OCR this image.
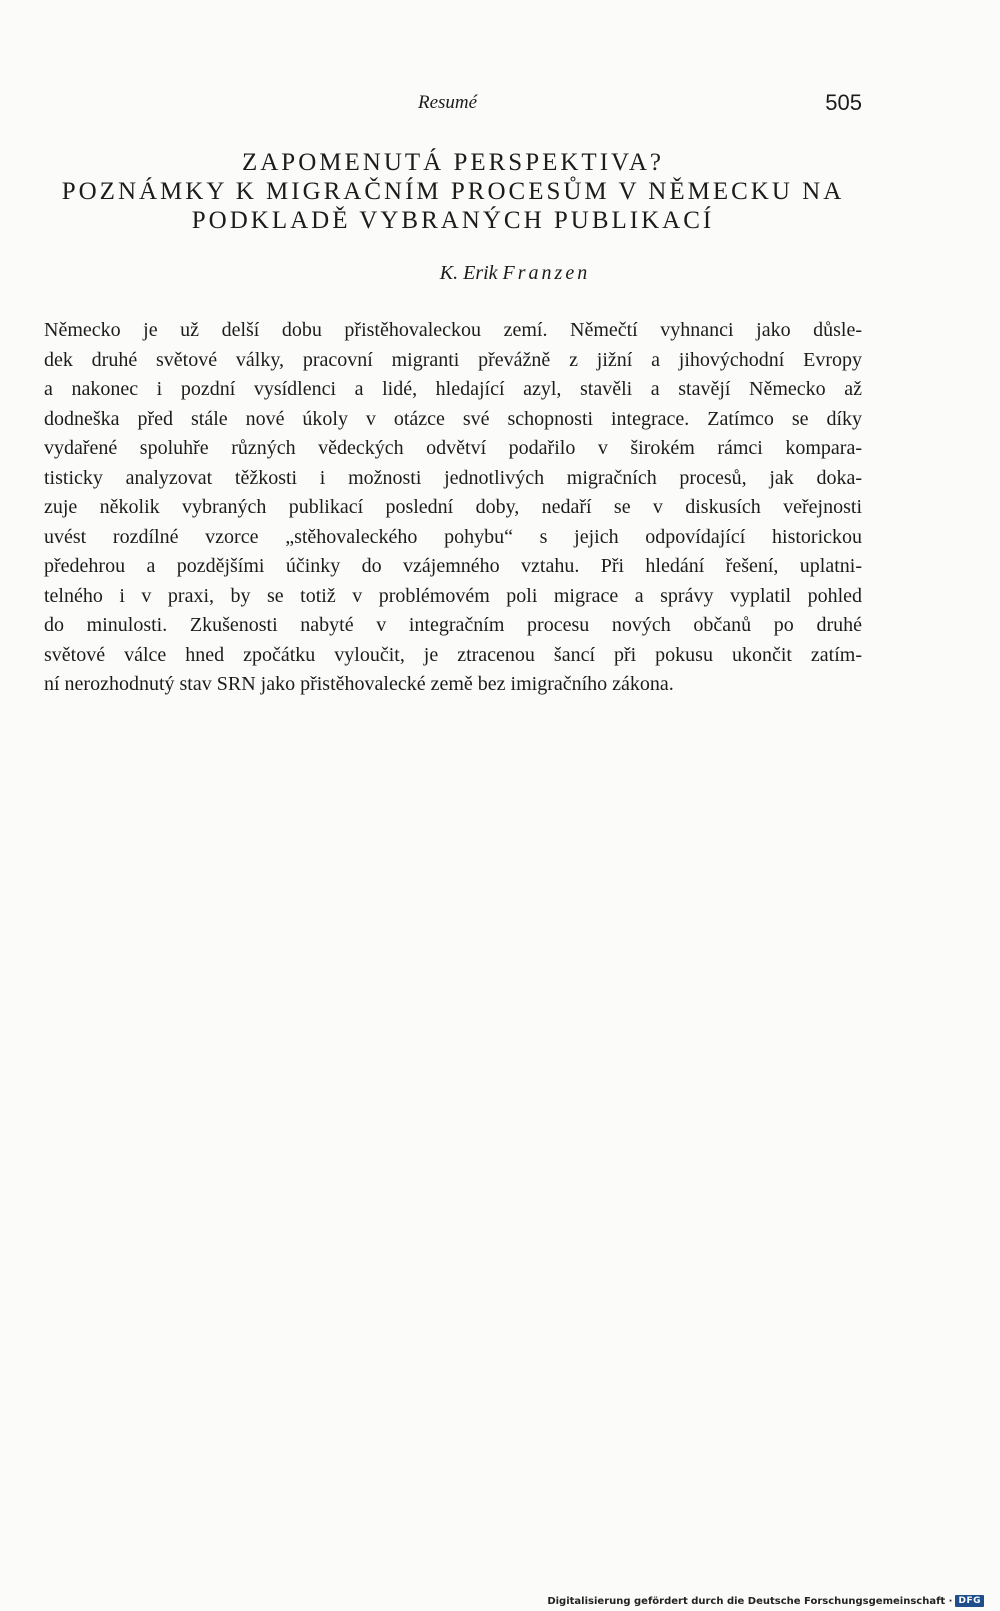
Resumé	505
ZAPOMENUTÁ PERSPEKTIVA?
POZNÁMKY K MIGRAČNÍM PROCESŮM V NĚMECKU NA
PODKLADĚ VYBRANÝCH PUBLIKACÍ
K. Erik Franzen

Německo je už delší dobu přistěhovaleckou zemí. Němečtí vyhnanci jako důsle-
dek druhé světové války, pracovní migranti převážně z jižní a jihovýchodní Evropy
a nakonec i pozdní vysídlenci a lidé, hledající azyl, stavěli a stavějí Německo až
dodneška před stále nové úkoly v otázce své schopnosti integrace. Zatímco se díky
vydařené spoluhře různých vědeckých odvětví podařilo v širokém rámci kompara-
tisticky analyzovat těžkosti i možnosti jednotlivých migračních procesů, jak doka-
zuje několik vybraných publikací poslední doby, nedaří se v diskusích veřejnosti
uvést rozdílné vzorce „stěhovaleckého pohybu“ s jejich odpovídající historickou
předehrou a pozdějšími účinky do vzájemného vztahu. Při hledání řešení, uplatni-
telného i v praxi, by se totiž v problémovém poli migrace a správy vyplatil pohled
do minulosti. Zkušenosti nabyté v integračním procesu nových občanů po druhé
světové válce hned zpočátku vyloučit, je ztracenou šancí při pokusu ukončit zatím-
ní nerozhodnutý stav SRN jako přistěhovalecké země bez imigračního zákona.

Digitalisierung gefördert durch die Deutsche Forschungsgemeinschaft · DFG
